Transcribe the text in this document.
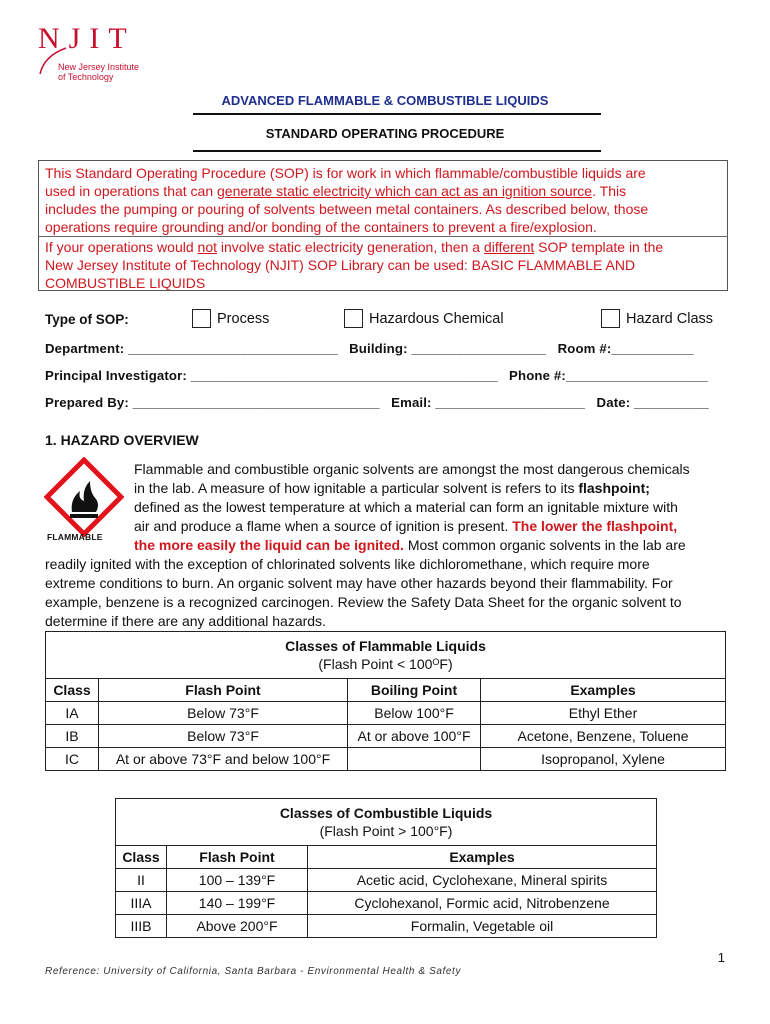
NJIT
New Jersey Institute
of Technology
ADVANCED FLAMMABLE & COMBUSTIBLE LIQUIDS
STANDARD OPERATING PROCEDURE
This Standard Operating Procedure (SOP) is for work in which flammable/combustible liquids are
used in operations that can generate static electricity which can act as an ignition source. This
includes the pumping or pouring of solvents between metal containers. As described below, those
operations require grounding and/or bonding of the containers to prevent a fire/explosion.
If your operations would not involve static electricity generation, then a different SOP template in the
New Jersey Institute of Technology (NJIT) SOP Library can be used: BASIC FLAMMABLE AND
COMBUSTIBLE LIQUIDS
Type of SOP:	Process	Hazardous Chemical	Hazard Class
Department: ____________________________   Building: __________________   Room #:___________
Principal Investigator: _________________________________________   Phone #:___________________
Prepared By: _________________________________   Email: ____________________   Date: __________
1. HAZARD OVERVIEW
FLAMMABLE
Flammable and combustible organic solvents are amongst the most dangerous chemicals
in the lab. A measure of how ignitable a particular solvent is refers to its flashpoint;
defined as the lowest temperature at which a material can form an ignitable mixture with
air and produce a flame when a source of ignition is present. The lower the flashpoint,
the more easily the liquid can be ignited. Most common organic solvents in the lab are
readily ignited with the exception of chlorinated solvents like dichloromethane, which require more
extreme conditions to burn. An organic solvent may have other hazards beyond their flammability. For
example, benzene is a recognized carcinogen. Review the Safety Data Sheet for the organic solvent to
determine if there are any additional hazards.
Classes of Flammable Liquids
(Flash Point < $100^OF$)			
Class	Flash Point	Boiling Point	Examples
IA	Below 73°F	Below 100°F	Ethyl Ether
IB	Below 73°F	At or above 100°F	Acetone, Benzene, Toluene
IC	At or above 73°F and below 100°F		Isopropanol, Xylene
Classes of Combustible Liquids
(Flash Point > 100°F)		
Class	Flash Point	Examples
II	100 – 139°F	Acetic acid, Cyclohexane, Mineral spirits
IIIA	140 – 199°F	Cyclohexanol, Formic acid, Nitrobenzene
IIIB	Above 200°F	Formalin, Vegetable oil
1
Reference: University of California, Santa Barbara - Environmental Health & Safety
